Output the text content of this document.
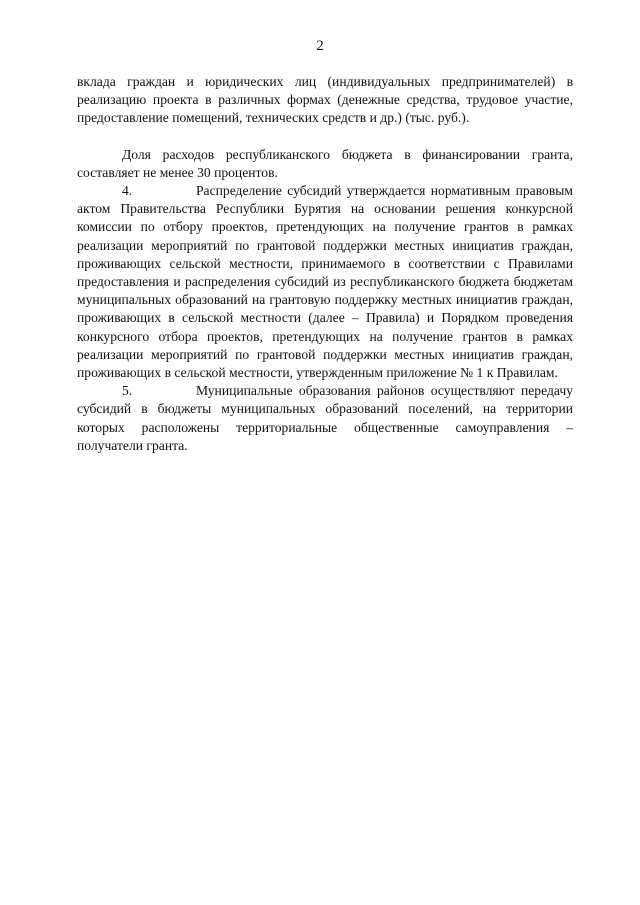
2

вклада граждан и юридических лиц (индивидуальных предпринимателей) в реализацию проекта в различных формах (денежные средства, трудовое участие, предоставление помещений, технических средств и др.) (тыс. руб.).

Доля расходов республиканского бюджета в финансировании гранта, составляет не менее 30 процентов.

4.	Распределение субсидий утверждается нормативным правовым актом Правительства Республики Бурятия на основании решения конкурсной комиссии по отбору проектов, претендующих на получение грантов в рамках реализации мероприятий по грантовой поддержки местных инициатив граждан, проживающих сельской местности, принимаемого в соответствии с Правилами предоставления и распределения субсидий из республиканского бюджета бюджетам муниципальных образований на грантовую поддержку местных инициатив граждан, проживающих в сельской местности (далее – Правила) и Порядком проведения конкурсного отбора проектов, претендующих на получение грантов в рамках реализации мероприятий по грантовой поддержки местных инициатив граждан, проживающих в сельской местности, утвержденным приложение № 1 к Правилам.

5.	Муниципальные образования районов осуществляют передачу субсидий в бюджеты муниципальных образований поселений, на территории которых расположены территориальные общественные самоуправления – получатели гранта.
